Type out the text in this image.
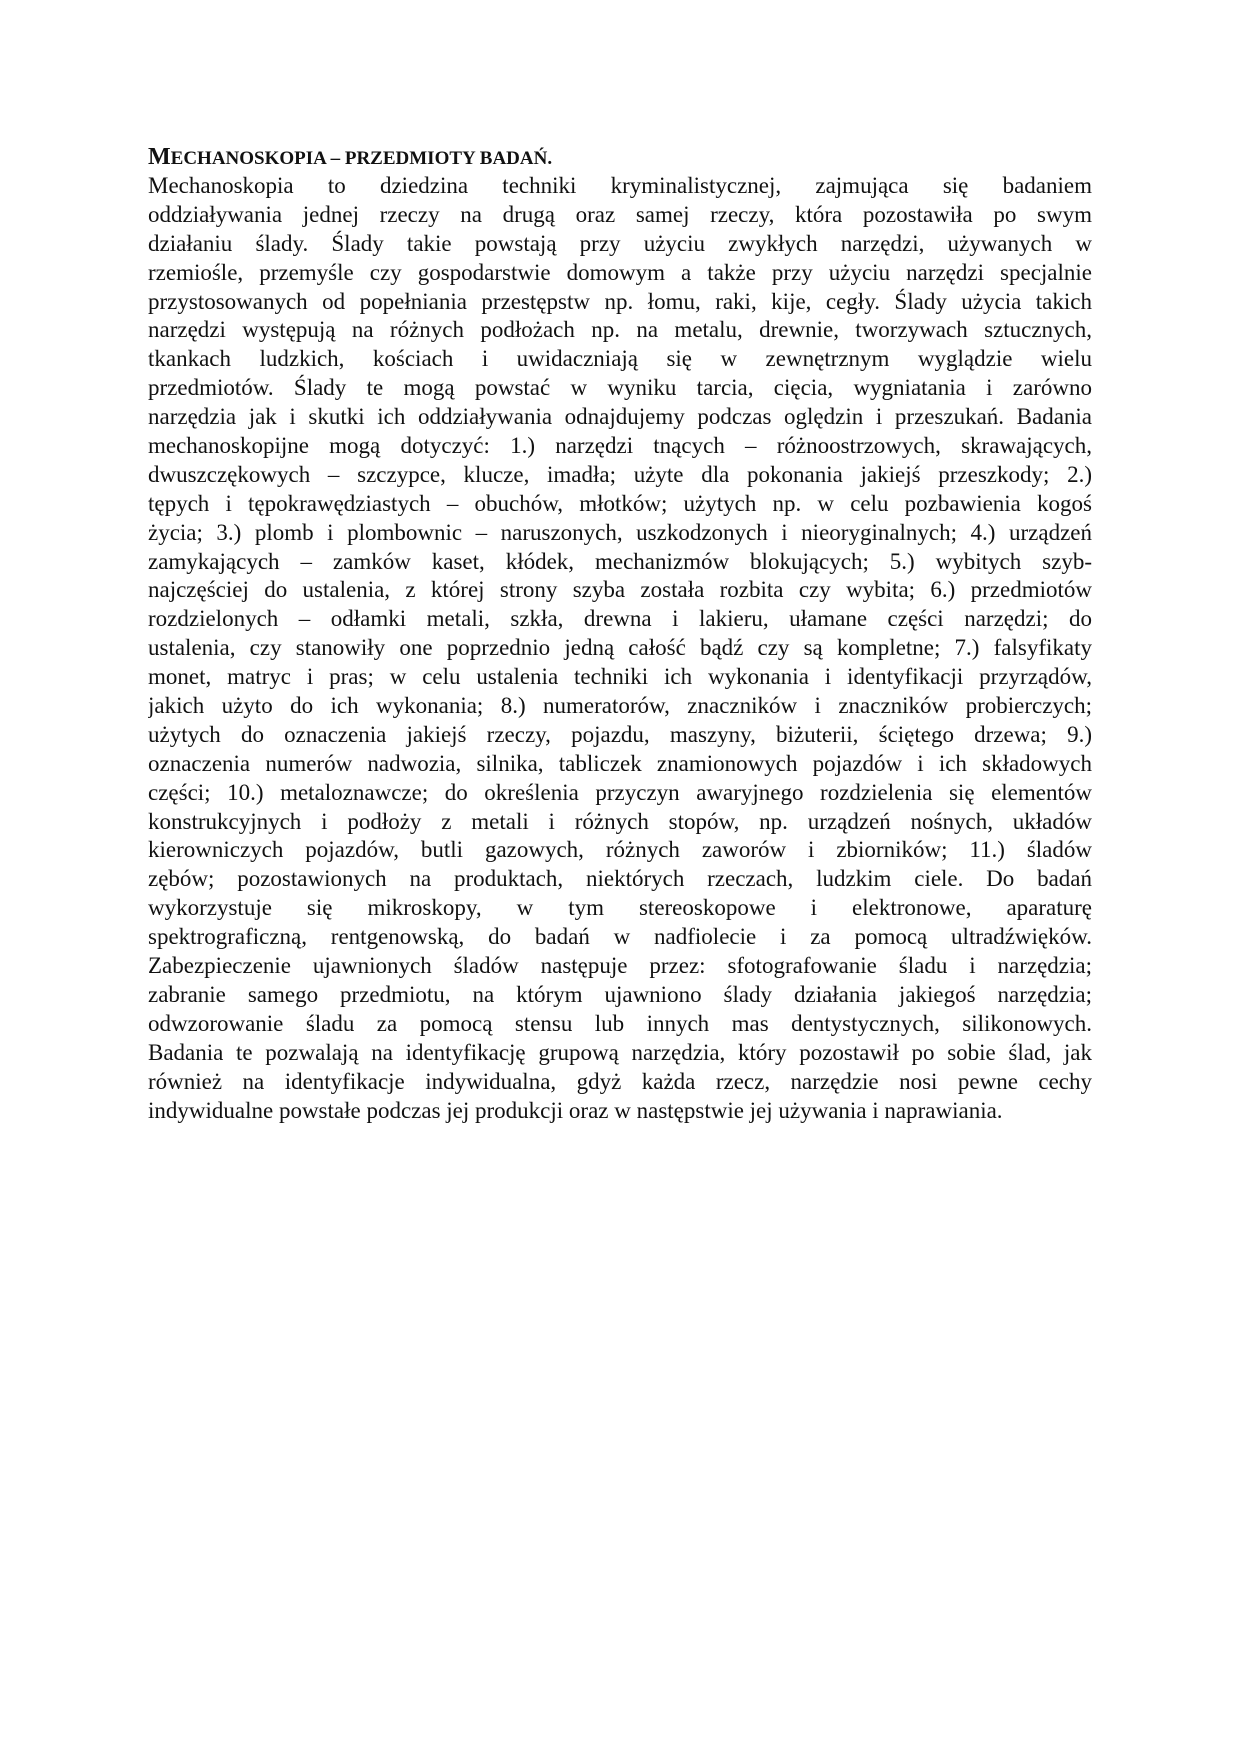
MECHANOSKOPIA – PRZEDMIOTY BADAŃ.
Mechanoskopia to dziedzina techniki kryminalistycznej, zajmująca się badaniem
oddziaływania jednej rzeczy na drugą oraz samej rzeczy, która pozostawiła po swym
działaniu ślady. Ślady takie powstają przy użyciu zwykłych narzędzi, używanych w
rzemiośle, przemyśle czy gospodarstwie domowym a także przy użyciu narzędzi specjalnie
przystosowanych od popełniania przestępstw np. łomu, raki, kije, cegły. Ślady użycia takich
narzędzi występują na różnych podłożach np. na metalu, drewnie, tworzywach sztucznych,
tkankach ludzkich, kościach i uwidaczniają się w zewnętrznym wyglądzie wielu
przedmiotów. Ślady te mogą powstać w wyniku tarcia, cięcia, wygniatania i zarówno
narzędzia jak i skutki ich oddziaływania odnajdujemy podczas oględzin i przeszukań. Badania
mechanoskopijne mogą dotyczyć: 1.) narzędzi tnących – różnoostrzowych, skrawających,
dwuszczękowych – szczypce, klucze, imadła; użyte dla pokonania jakiejś przeszkody; 2.)
tępych i tępokrawędziastych – obuchów, młotków; użytych np. w celu pozbawienia kogoś
życia; 3.) plomb i plombownic – naruszonych, uszkodzonych i nieoryginalnych; 4.) urządzeń
zamykających – zamków kaset, kłódek, mechanizmów blokujących; 5.) wybitych szyb-
najczęściej do ustalenia, z której strony szyba została rozbita czy wybita; 6.) przedmiotów
rozdzielonych – odłamki metali, szkła, drewna i lakieru, ułamane części narzędzi; do
ustalenia, czy stanowiły one poprzednio jedną całość bądź czy są kompletne; 7.) falsyfikaty
monet, matryc i pras; w celu ustalenia techniki ich wykonania i identyfikacji przyrządów,
jakich użyto do ich wykonania; 8.) numeratorów, znaczników i znaczników probierczych;
użytych do oznaczenia jakiejś rzeczy, pojazdu, maszyny, biżuterii, ściętego drzewa; 9.)
oznaczenia numerów nadwozia, silnika, tabliczek znamionowych pojazdów i ich składowych
części; 10.) metaloznawcze; do określenia przyczyn awaryjnego rozdzielenia się elementów
konstrukcyjnych i podłoży z metali i różnych stopów, np. urządzeń nośnych, układów
kierowniczych pojazdów, butli gazowych, różnych zaworów i zbiorników; 11.) śladów
zębów; pozostawionych na produktach, niektórych rzeczach, ludzkim ciele. Do badań
wykorzystuje się mikroskopy, w tym stereoskopowe i elektronowe, aparaturę
spektrograficzną, rentgenowską, do badań w nadfiolecie i za pomocą ultradźwięków.
Zabezpieczenie ujawnionych śladów następuje przez: sfotografowanie śladu i narzędzia;
zabranie samego przedmiotu, na którym ujawniono ślady działania jakiegoś narzędzia;
odwzorowanie śladu za pomocą stensu lub innych mas dentystycznych, silikonowych.
Badania te pozwalają na identyfikację grupową narzędzia, który pozostawił po sobie ślad, jak
również na identyfikacje indywidualna, gdyż każda rzecz, narzędzie nosi pewne cechy
indywidualne powstałe podczas jej produkcji oraz w następstwie jej używania i naprawiania.
